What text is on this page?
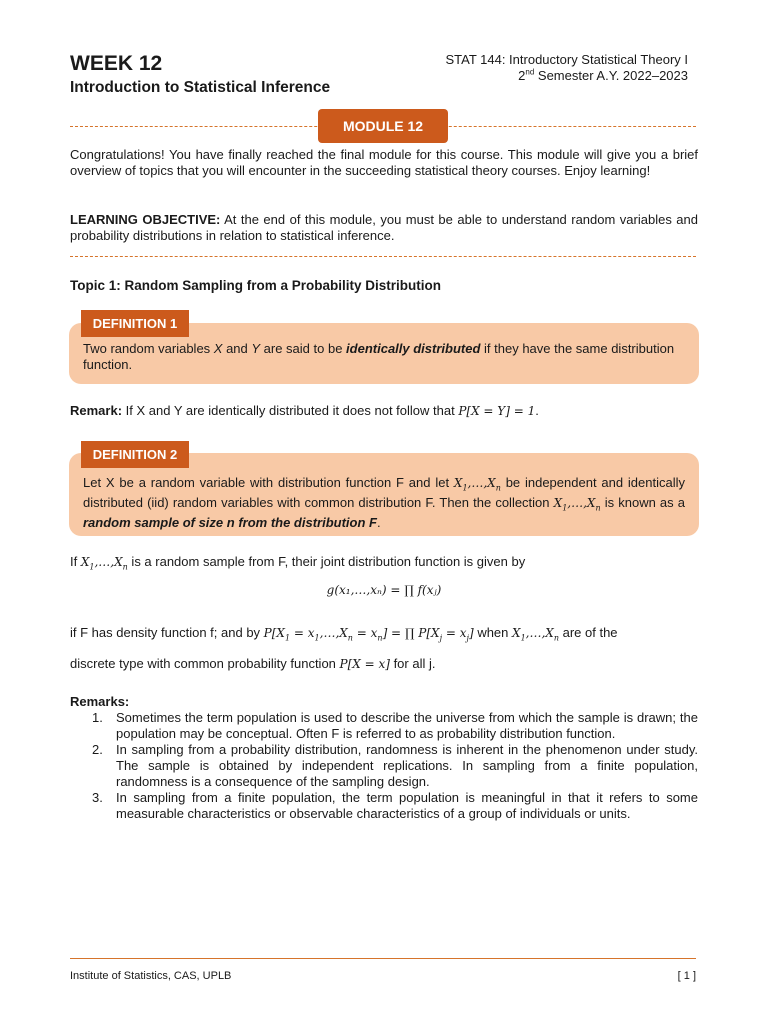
WEEK 12
Introduction to Statistical Inference
STAT 144: Introductory Statistical Theory I
2nd Semester A.Y. 2022–2023
MODULE 12
Congratulations! You have finally reached the final module for this course. This module will give you a brief overview of topics that you will encounter in the succeeding statistical theory courses. Enjoy learning!
LEARNING OBJECTIVE: At the end of this module, you must be able to understand random variables and probability distributions in relation to statistical inference.
Topic 1: Random Sampling from a Probability Distribution
Two random variables X and Y are said to be identically distributed if they have the same distribution function.
DEFINITION 1
Remark: If X and Y are identically distributed it does not follow that P[X = Y] = 1.
Let X be a random variable with distribution function F and let $X_1,\dots,X_n$ be independent and identically distributed (iid) random variables with common distribution F. Then the collection $X_1,\dots,X_n$ is known as a random sample of size n from the distribution F.
DEFINITION 2
If $X_1,\dots,X_n$ is a random sample from F, their joint distribution function is given by
g(x₁,…,xₙ) = ∏ f(xⱼ)
if F has density function f; and by $P[X_1$ = $x_1,\dots,X_n = x_n$] = ∏ $P[X_j = x_j]$ when $X_1,\dots,X_n$ are of the
discrete type with common probability function P[X = x] for all j.
Remarks:
1. Sometimes the term population is used to describe the universe from which the sample is drawn; the population may be conceptual. Often F is referred to as probability distribution function.
2. In sampling from a probability distribution, randomness is inherent in the phenomenon under study. The sample is obtained by independent replications. In sampling from a finite population, randomness is a consequence of the sampling design.
3. In sampling from a finite population, the term population is meaningful in that it refers to some measurable characteristics or observable characteristics of a group of individuals or units.
Institute of Statistics, CAS, UPLB	[ 1 ]
